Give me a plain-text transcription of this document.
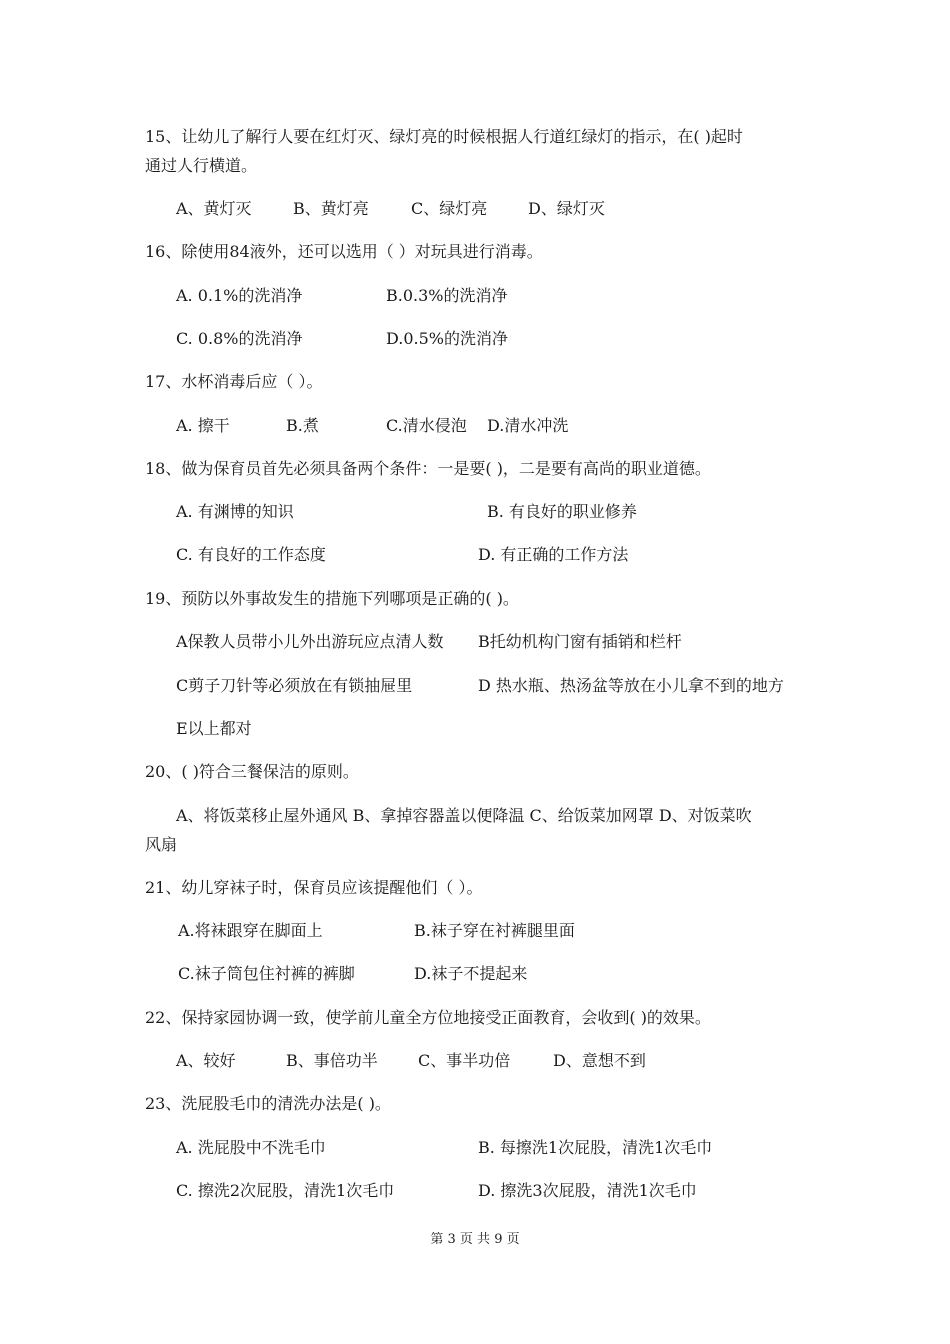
15、让幼儿了解行人要在红灯灭、绿灯亮的时候根据人行道红绿灯的指示，在( )起时
通过人行横道。
A、黄灯灭	B、黄灯亮	C、绿灯亮	D、绿灯灭
16、除使用84液外，还可以选用（ ）对玩具进行消毒。
A. 0.1%的洗消净	B.0.3%的洗消净
C. 0.8%的洗消净	D.0.5%的洗消净
17、水杯消毒后应（ ）。
A. 擦干	B.煮	C.清水侵泡 D.清水冲洗
18、做为保育员首先必须具备两个条件：一是要( )，二是要有高尚的职业道德。
A. 有渊博的知识	B. 有良好的职业修养
C. 有良好的工作态度	D. 有正确的工作方法
19、预防以外事故发生的措施下列哪项是正确的( )。
A保教人员带小儿外出游玩应点清人数 B托幼机构门窗有插销和栏杆
C剪子刀针等必须放在有锁抽屉里	D 热水瓶、热汤盆等放在小儿拿不到的地方
E以上都对
20、( )符合三餐保洁的原则。
A、将饭菜移止屋外通风 B、拿掉容器盖以便降温 C、给饭菜加网罩 D、对饭菜吹
风扇
21、幼儿穿袜子时，保育员应该提醒他们（ ）。
A.将袜跟穿在脚面上	B.袜子穿在衬裤腿里面
C.袜子筒包住衬裤的裤脚	D.袜子不提起来
22、保持家园协调一致，使学前儿童全方位地接受正面教育，会收到( )的效果。
A、较好	B、事倍功半	C、事半功倍	D、意想不到
23、洗屁股毛巾的清洗办法是( )。
A. 洗屁股中不洗毛巾	B. 每擦洗1次屁股，清洗1次毛巾
C. 擦洗2次屁股，清洗1次毛巾	D. 擦洗3次屁股，清洗1次毛巾
第 3 页 共 9 页
